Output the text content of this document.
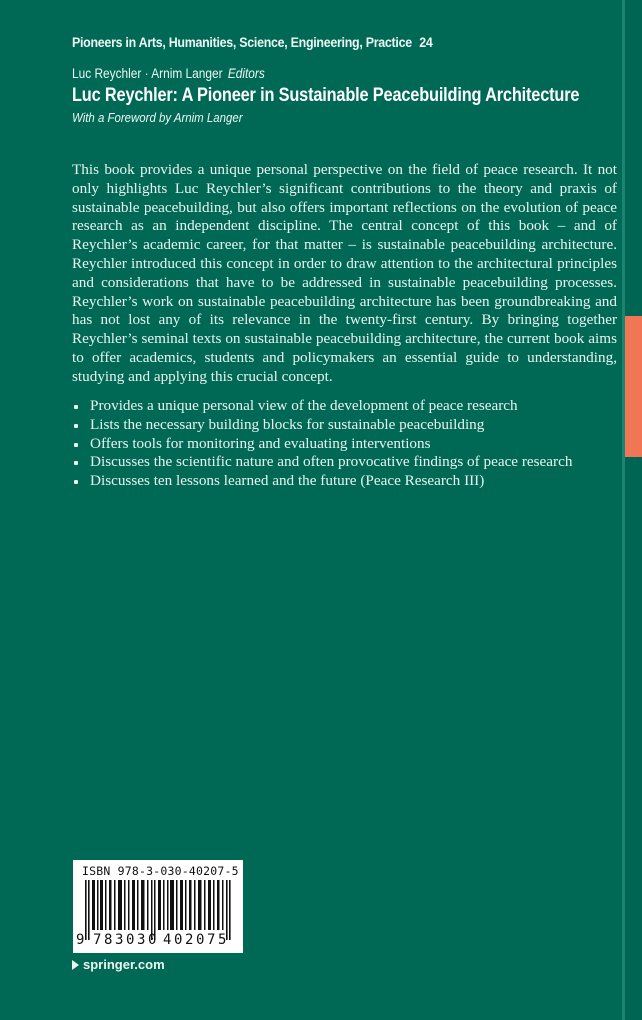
Pioneers in Arts, Humanities, Science, Engineering, Practice 24
Luc Reychler · Arnim Langer Editors
Luc Reychler: A Pioneer in Sustainable Peacebuilding Architecture
With a Foreword by Arnim Langer

This book provides a unique personal perspective on the field of peace research. It not only highlights Luc Reychler’s significant contributions to the theory and praxis of sustainable peacebuilding, but also offers important reflections on the evolution of peace research as an independent discipline. The central concept of this book – and of Reychler’s academic career, for that matter – is sustainable peacebuilding architecture. Reychler introduced this concept in order to draw attention to the architectural principles and considerations that have to be addressed in sustainable peacebuilding processes. Reychler’s work on sustainable peacebuilding architecture has been groundbreaking and has not lost any of its relevance in the twenty-first century. By bringing together Reychler’s seminal texts on sustainable peacebuilding architecture, the current book aims to offer academics, students and policymakers an essential guide to understanding, studying and applying this crucial concept.

Provides a unique personal view of the development of peace research
Lists the necessary building blocks for sustainable peacebuilding
Offers tools for monitoring and evaluating interventions
Discusses the scientific nature and often provocative findings of peace research
Discusses ten lessons learned and the future (Peace Research III)
ISBN 978-3-030-40207-5
9 7 8 3 0 3 0 4 0 2 0 7 5
springer.com
